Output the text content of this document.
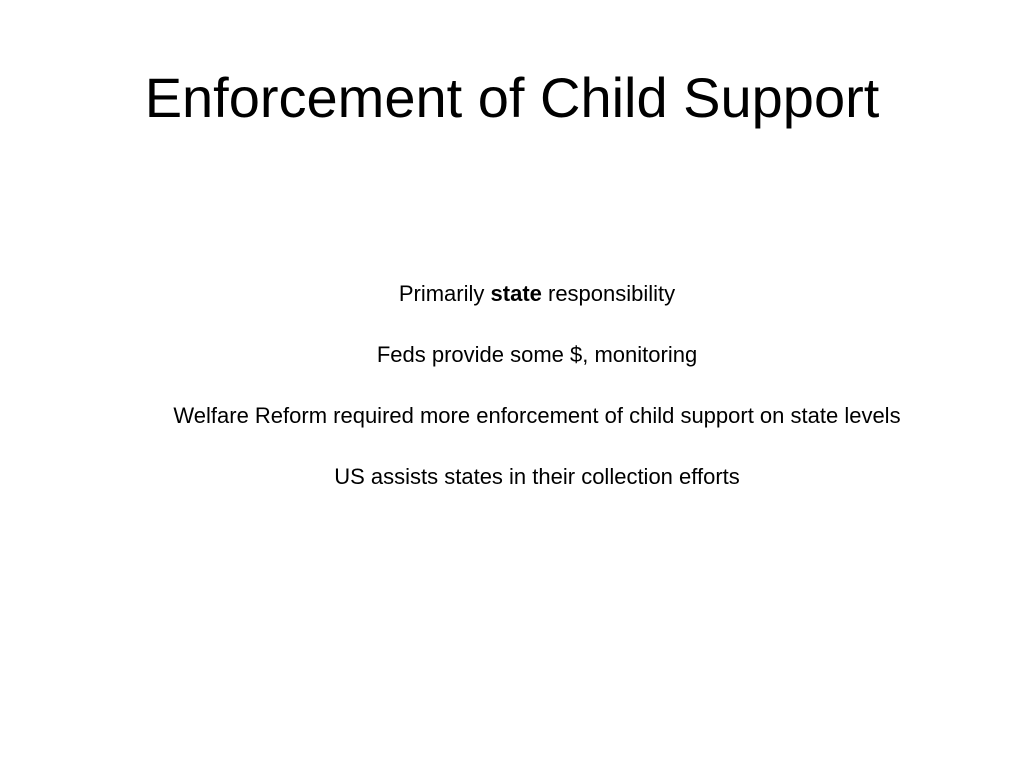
Enforcement of Child Support

Primarily state responsibility

Feds provide some $, monitoring

Welfare Reform required more enforcement of child support on state levels

US assists states in their collection efforts
